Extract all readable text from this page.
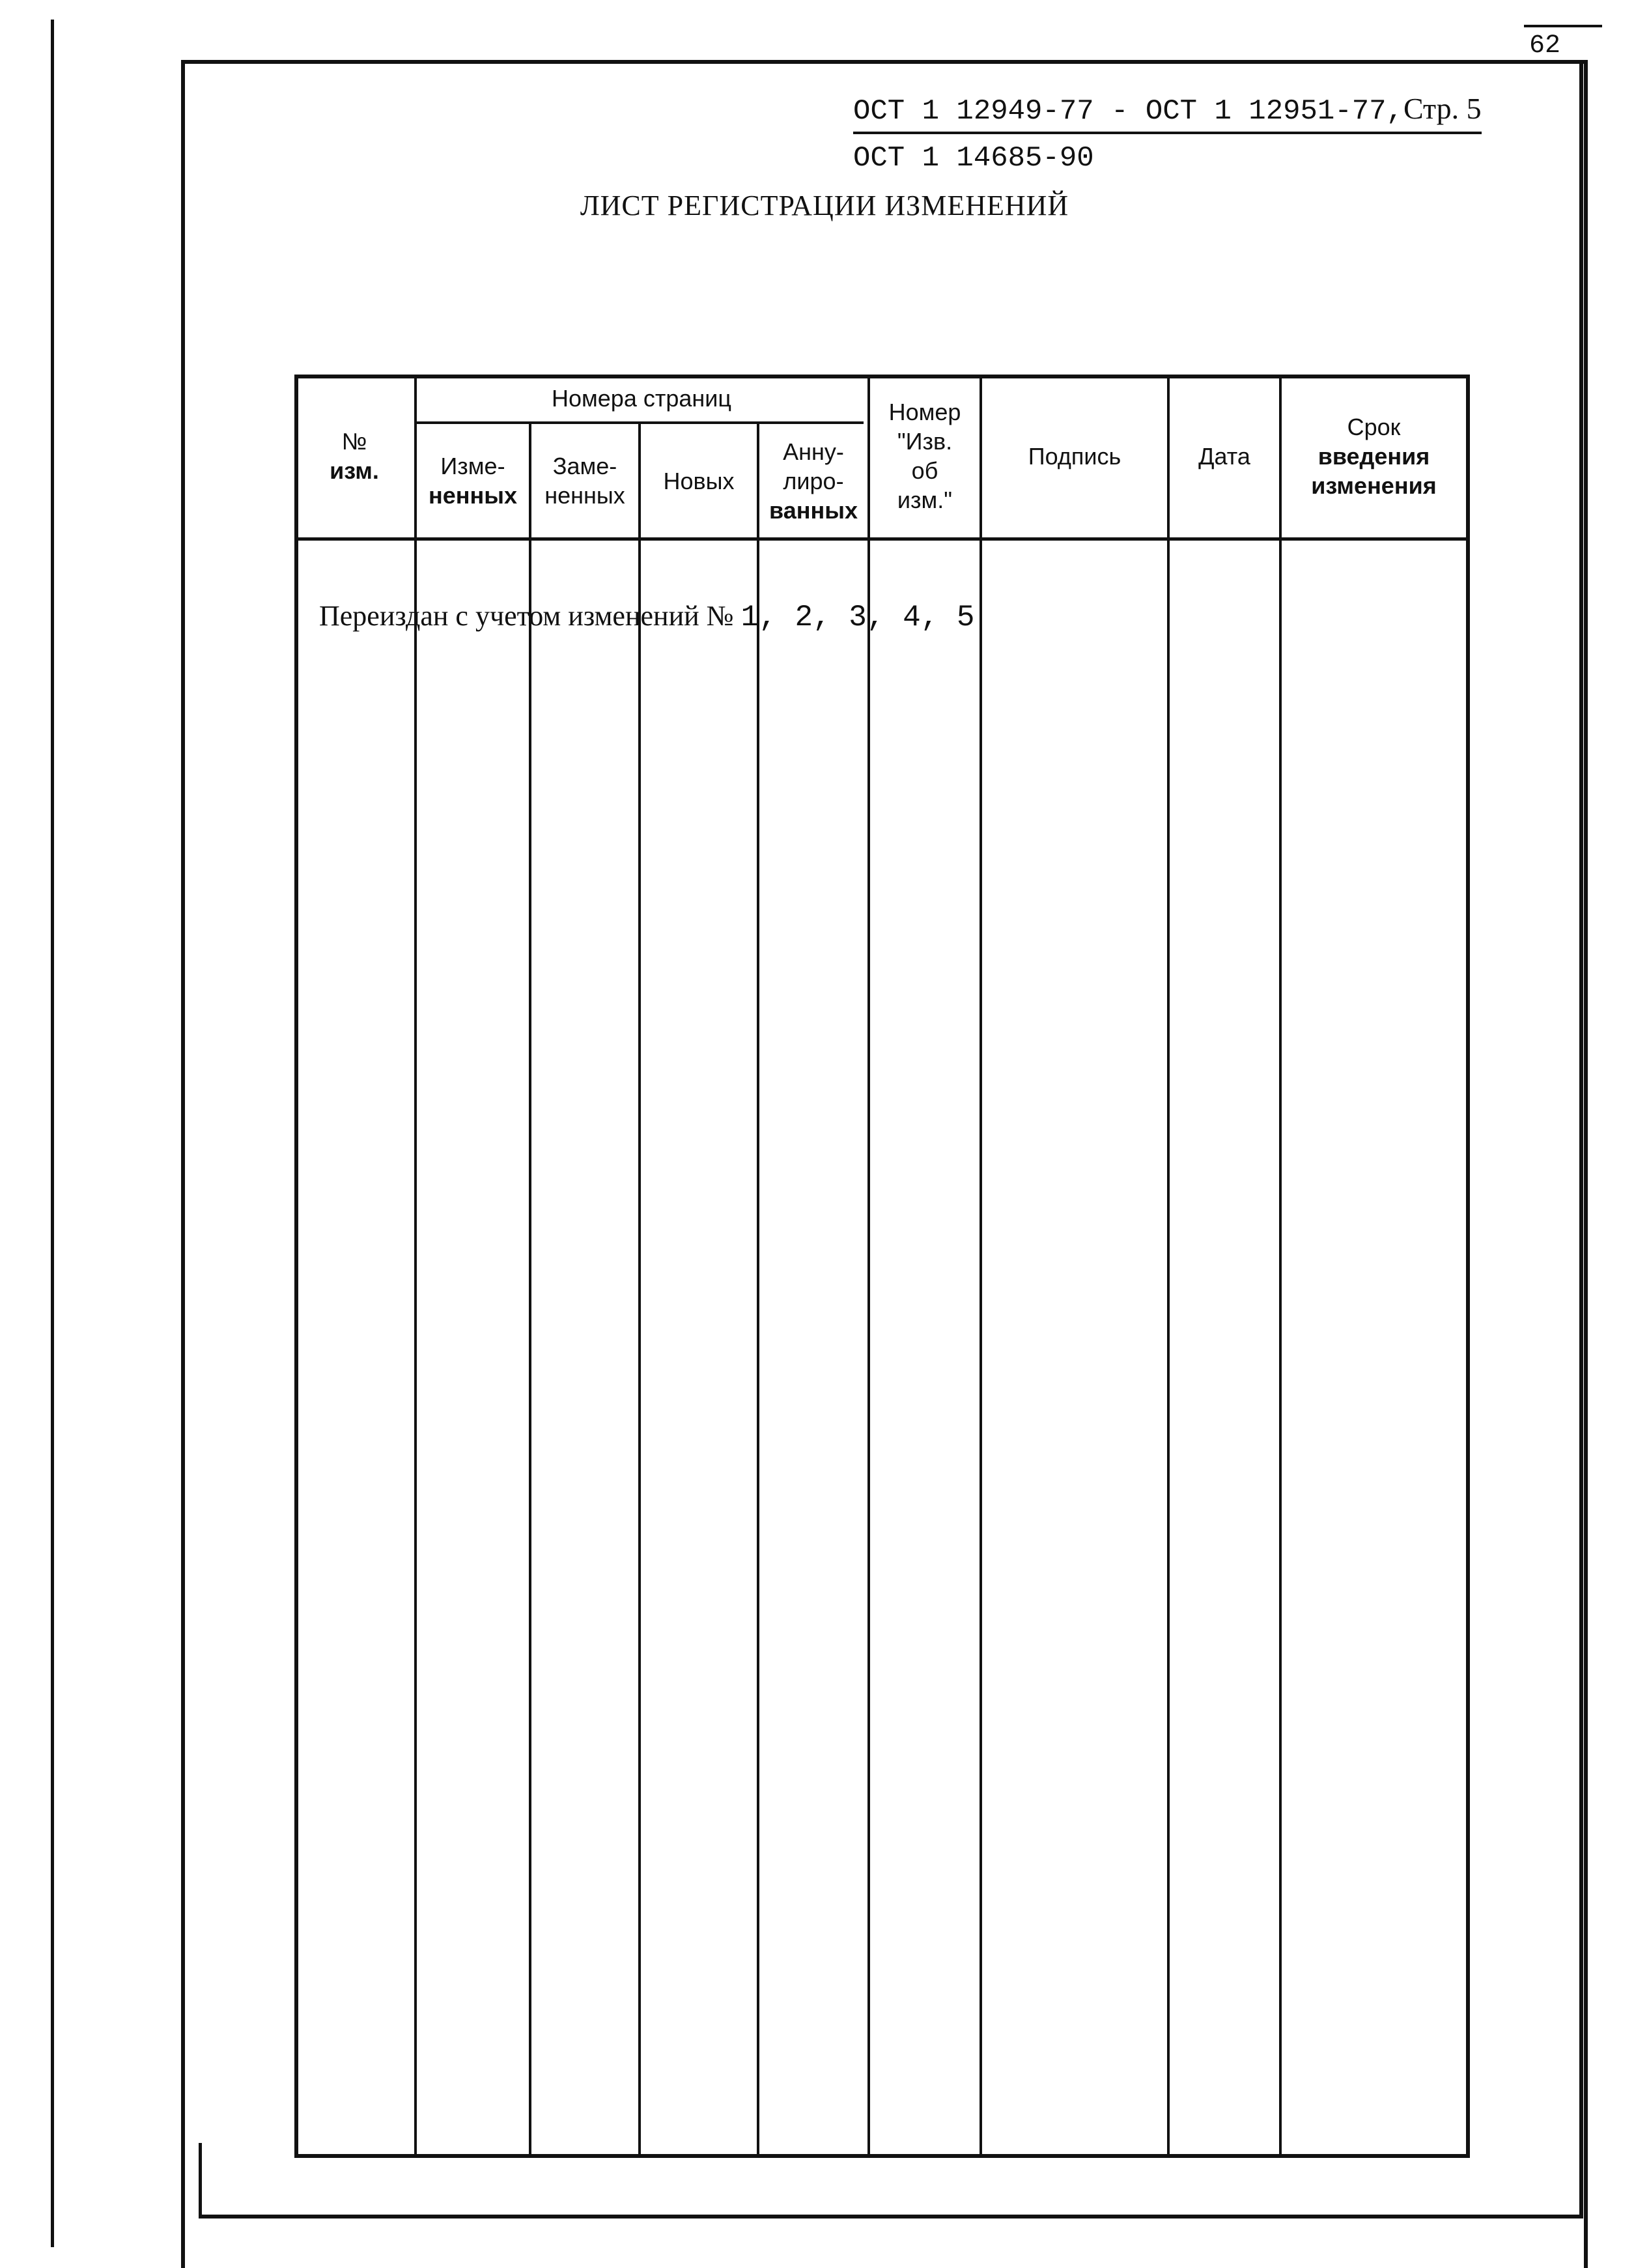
62
ОСТ 1 12949-77 - ОСТ 1 12951-77,Стр. 5
ОСТ 1 14685-90
ЛИСТ РЕГИСТРАЦИИ ИЗМЕНЕНИЙ
Номера страниц
№
изм.	Изме-
ненных
Заме-
ненных
Новых
Анну-
лиро-
ванных
Номер
"Изв.
об
изм."
Подпись	Дата
Срок
введения
изменения
Переиздан с учетом изменений № 1, 2, 3, 4, 5
